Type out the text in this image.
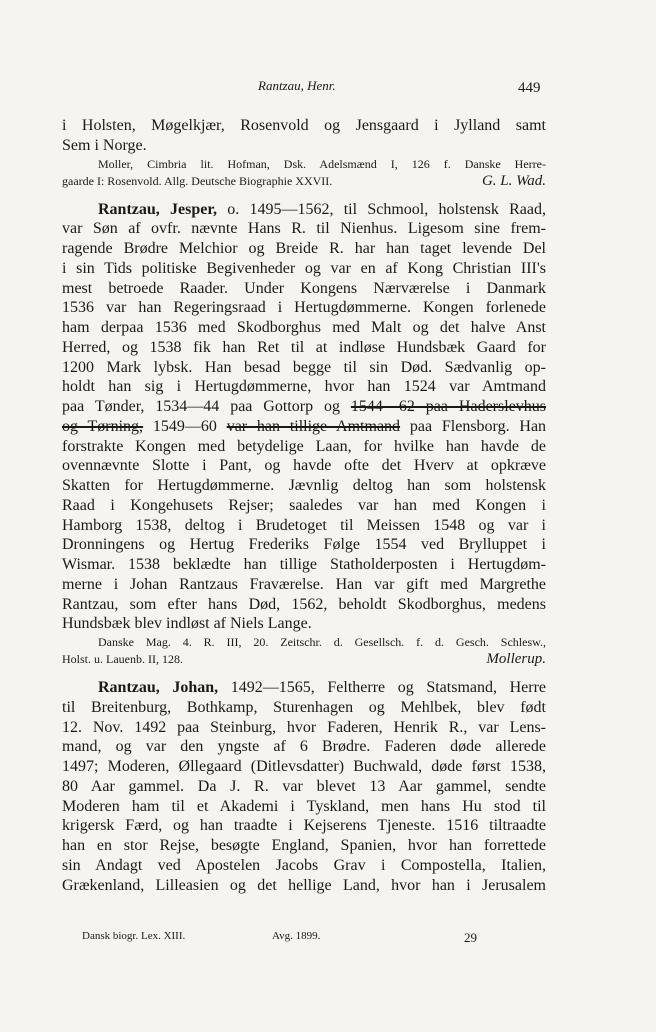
Rantzau, Henr.	449
i Holsten, Møgelkjær, Rosenvold og Jensgaard i Jylland samt
Sem i Norge.
Moller, Cimbria lit. Hofman, Dsk. Adelsmænd I, 126 f. Danske Herre-
gaarde I: Rosenvold. Allg. Deutsche Biographie XXVII.	G. L. Wad.
Rantzau, Jesper, o. 1495—1562, til Schmool, holstensk Raad,
var Søn af ovfr. nævnte Hans R. til Nienhus. Ligesom sine frem-
ragende Brødre Melchior og Breide R. har han taget levende Del
i sin Tids politiske Begivenheder og var en af Kong Christian III's
mest betroede Raader. Under Kongens Nærværelse i Danmark
1536 var han Regeringsraad i Hertugdømmerne. Kongen forlenede
ham derpaa 1536 med Skodborghus med Malt og det halve Anst
Herred, og 1538 fik han Ret til at indløse Hundsbæk Gaard for
1200 Mark lybsk. Han besad begge til sin Død. Sædvanlig op-
holdt han sig i Hertugdømmerne, hvor han 1524 var Amtmand
paa Tønder, 1534—44 paa Gottorp og 1544—62 paa Haderslevhus
og Tørning, 1549—60 var han tillige Amtmand paa Flensborg. Han
forstrakte Kongen med betydelige Laan, for hvilke han havde de
ovennævnte Slotte i Pant, og havde ofte det Hverv at opkræve
Skatten for Hertugdømmerne. Jævnlig deltog han som holstensk
Raad i Kongehusets Rejser; saaledes var han med Kongen i
Hamborg 1538, deltog i Brudetoget til Meissen 1548 og var i
Dronningens og Hertug Frederiks Følge 1554 ved Brylluppet i
Wismar. 1538 beklædte han tillige Statholderposten i Hertugdøm-
merne i Johan Rantzaus Fraværelse. Han var gift med Margrethe
Rantzau, som efter hans Død, 1562, beholdt Skodborghus, medens
Hundsbæk blev indløst af Niels Lange.
Danske Mag. 4. R. III, 20. Zeitschr. d. Gesellsch. f. d. Gesch. Schlesw.,
Holst. u. Lauenb. II, 128.	Mollerup.
Rantzau, Johan, 1492—1565, Feltherre og Statsmand, Herre
til Breitenburg, Bothkamp, Sturenhagen og Mehlbek, blev født
12. Nov. 1492 paa Steinburg, hvor Faderen, Henrik R., var Lens-
mand, og var den yngste af 6 Brødre. Faderen døde allerede
1497; Moderen, Øllegaard (Ditlevsdatter) Buchwald, døde først 1538,
80 Aar gammel. Da J. R. var blevet 13 Aar gammel, sendte
Moderen ham til et Akademi i Tyskland, men hans Hu stod til
krigersk Færd, og han traadte i Kejserens Tjeneste. 1516 tiltraadte
han en stor Rejse, besøgte England, Spanien, hvor han forrettede
sin Andagt ved Apostelen Jacobs Grav i Compostella, Italien,
Grækenland, Lilleasien og det hellige Land, hvor han i Jerusalem
Dansk biogr. Lex. XIII.	Avg. 1899.	29
